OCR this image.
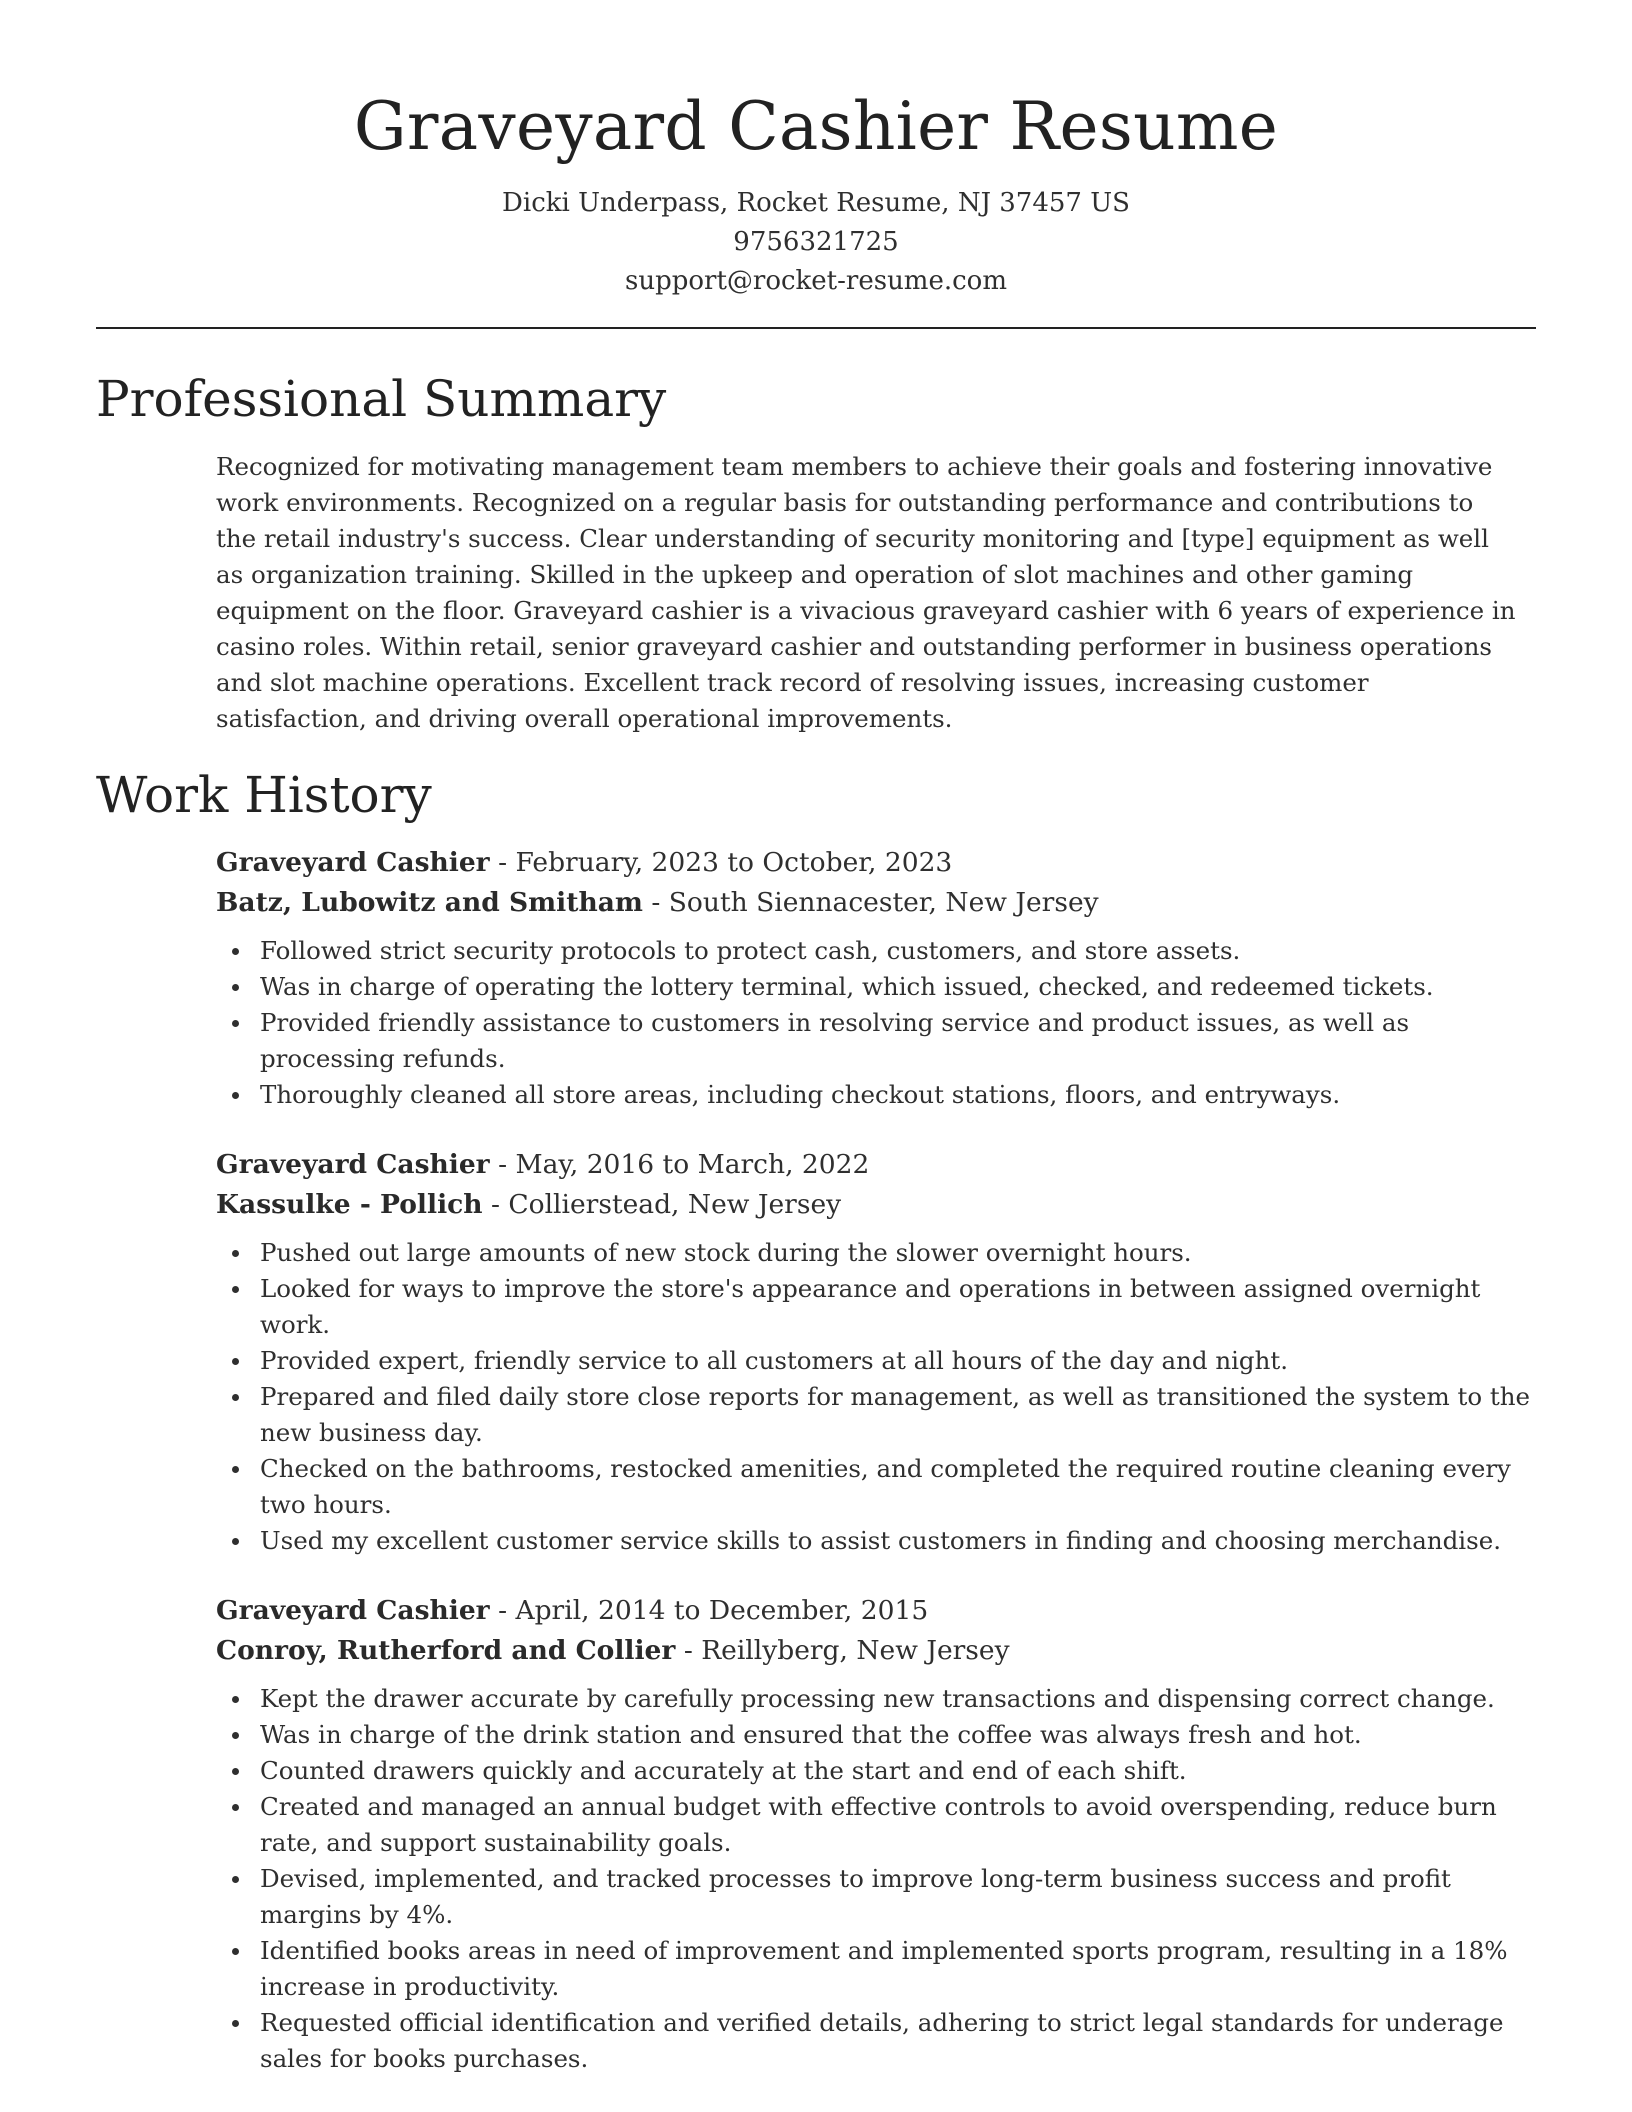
Graveyard Cashier Resume
Dicki Underpass, Rocket Resume, NJ 37457 US
9756321725
support@rocket-resume.com
Professional Summary

Recognized for motivating management team members to achieve their goals and fostering innovative work environments. Recognized on a regular basis for outstanding performance and contributions to the retail industry's success. Clear understanding of security monitoring and [type] equipment as well as organization training. Skilled in the upkeep and operation of slot machines and other gaming equipment on the floor. Graveyard cashier is a vivacious graveyard cashier with 6 years of experience in casino roles. Within retail, senior graveyard cashier and outstanding performer in business operations and slot machine operations. Excellent track record of resolving issues, increasing customer satisfaction, and driving overall operational improvements.

Work History
Graveyard Cashier - February, 2023 to October, 2023
Batz, Lubowitz and Smitham - South Siennacester, New Jersey
Followed strict security protocols to protect cash, customers, and store assets.
Was in charge of operating the lottery terminal, which issued, checked, and redeemed tickets.
Provided friendly assistance to customers in resolving service and product issues, as well as processing refunds.
Thoroughly cleaned all store areas, including checkout stations, floors, and entryways.
Graveyard Cashier - May, 2016 to March, 2022
Kassulke - Pollich - Collierstead, New Jersey
Pushed out large amounts of new stock during the slower overnight hours.
Looked for ways to improve the store's appearance and operations in between assigned overnight work.
Provided expert, friendly service to all customers at all hours of the day and night.
Prepared and filed daily store close reports for management, as well as transitioned the system to the new business day.
Checked on the bathrooms, restocked amenities, and completed the required routine cleaning every two hours.
Used my excellent customer service skills to assist customers in finding and choosing merchandise.
Graveyard Cashier - April, 2014 to December, 2015
Conroy, Rutherford and Collier - Reillyberg, New Jersey
Kept the drawer accurate by carefully processing new transactions and dispensing correct change.
Was in charge of the drink station and ensured that the coffee was always fresh and hot.
Counted drawers quickly and accurately at the start and end of each shift.
Created and managed an annual budget with effective controls to avoid overspending, reduce burn rate, and support sustainability goals.
Devised, implemented, and tracked processes to improve long-term business success and profit margins by 4%.
Identified books areas in need of improvement and implemented sports program, resulting in a 18% increase in productivity.
Requested official identification and verified details, adhering to strict legal standards for underage sales for books purchases.
